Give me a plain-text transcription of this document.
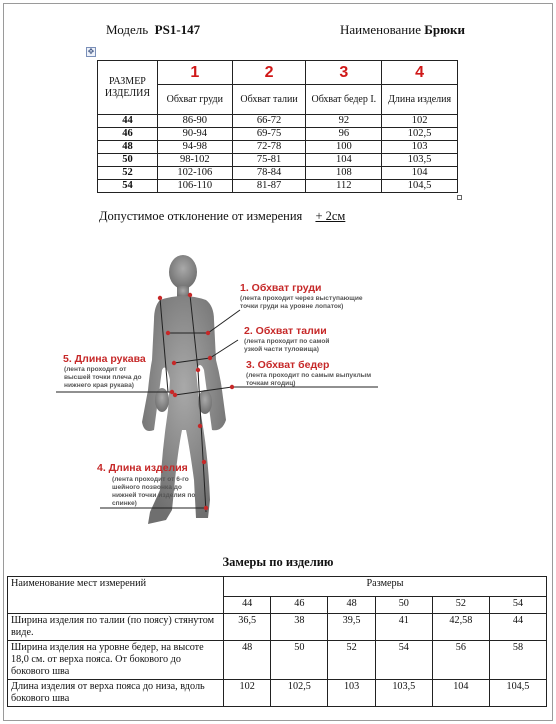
Модель PS1-147	Наименование Брюки
✥
РАЗМЕР ИЗДЕЛИЯ	1	2	3	4
	Обхват груди	Обхват талии	Обхват бедер I.	Длина изделия
44	86-90	66-72	92	102
46	90-94	69-75	96	102,5
48	94-98	72-78	100	103
50	98-102	75-81	104	103,5
52	102-106	78-84	108	104
54	106-110	81-87	112	104,5
Допустимое отклонение от измерения + 2см
1. Обхват груди
(лента проходит через выступающие точки груди на уровне лопаток)
2. Обхват талии
(лента проходит по самой узкой части туловища)
3. Обхват бедер
(лента проходит по самым выпуклым точкам ягодиц)
4. Длина изделия
(лента проходит от 6-го шейного позвонка до нижней точки изделия по спинке)
5. Длина рукава
(лента проходит от высшей точки плеча до нижнего края рукава)
Замеры по изделию
Наименование мест измерений	Размеры					
	44	46	48	50	52	54
Ширина изделия по талии (по поясу) стянутом виде.	36,5	38	39,5	41	42,58	44
Ширина изделия на уровне бедер, на высоте 18,0 см. от верха пояса. От бокового до бокового шва	48	50	52	54	56	58
Длина изделия от верха пояса до низа, вдоль бокового шва	102	102,5	103	103,5	104	104,5
